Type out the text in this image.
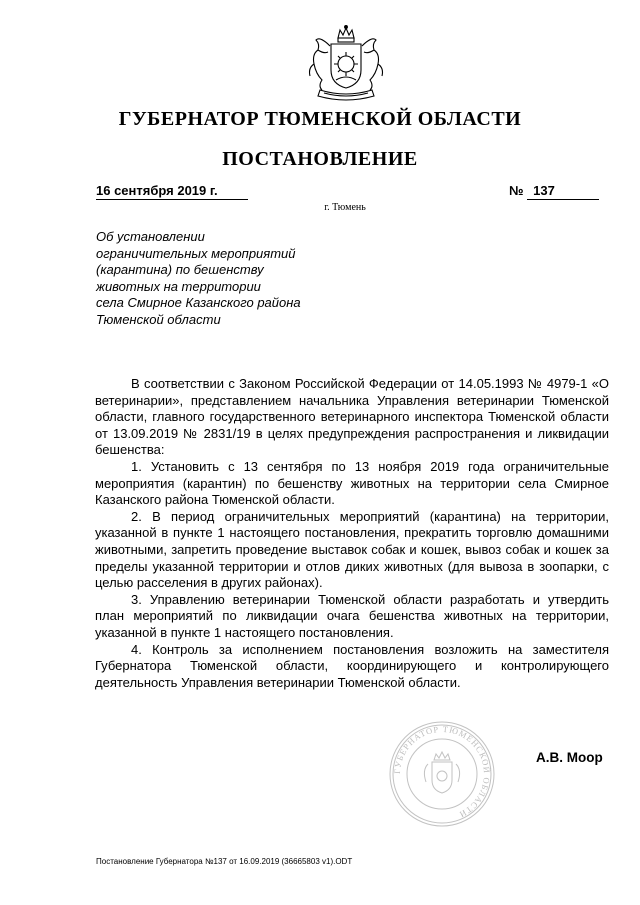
ГУБЕРНАТОР ТЮМЕНСКОЙ ОБЛАСТИ
ПОСТАНОВЛЕНИЕ
16 сентября 2019 г.	№ 137
г. Тюмень
Об установлении
ограничительных мероприятий
(карантина) по бешенству
животных на территории
села Смирное Казанского района
Тюменской области

В соответствии с Законом Российской Федерации от 14.05.1993 № 4979-1 «О ветеринарии», представлением начальника Управления ветеринарии Тюменской области, главного государственного ветеринарного инспектора Тюменской области от 13.09.2019 № 2831/19 в целях предупреждения распространения и ликвидации бешенства:

1. Установить с 13 сентября по 13 ноября 2019 года ограничительные мероприятия (карантин) по бешенству животных на территории села Смирное Казанского района Тюменской области.

2. В период ограничительных мероприятий (карантина) на территории, указанной в пункте 1 настоящего постановления, прекратить торговлю домашними животными, запретить проведение выставок собак и кошек, вывоз собак и кошек за пределы указанной территории и отлов диких животных (для вывоза в зоопарки, с целью расселения в других районах).

3. Управлению ветеринарии Тюменской области разработать и утвердить план мероприятий по ликвидации очага бешенства животных на территории, указанной в пункте 1 настоящего постановления.

4. Контроль за исполнением постановления возложить на заместителя Губернатора Тюменской области, координирующего и контролирующего деятельность Управления ветеринарии Тюменской области.

ГУБЕРНАТОР ТЮМЕНСКОЙ ОБЛАСТИ
А.В. Моор
Постановление Губернатора №137 от 16.09.2019 (36665803 v1).ODT
